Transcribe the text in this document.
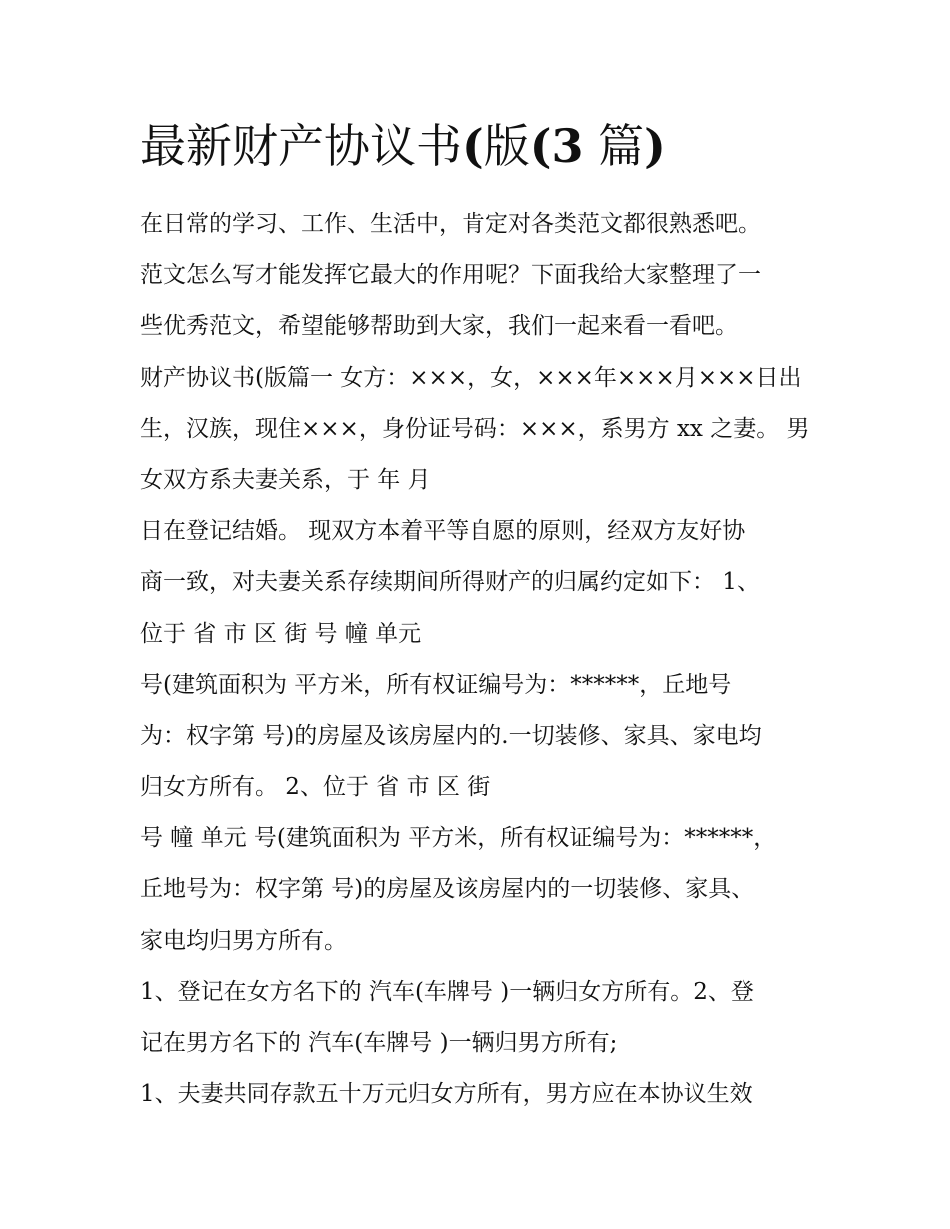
最新财产协议书(版(3 篇)
在日常的学习、工作、生活中，肯定对各类范文都很熟悉吧。
范文怎么写才能发挥它最大的作用呢？下面我给大家整理了一
些优秀范文，希望能够帮助到大家，我们一起来看一看吧。
财产协议书(版篇一 女方：×××，女，×××年×××月×××日出
生，汉族，现住×××，身份证号码：×××，系男方 xx 之妻。 男
女双方系夫妻关系，于 年 月
日在登记结婚。 现双方本着平等自愿的原则，经双方友好协
商一致，对夫妻关系存续期间所得财产的归属约定如下： 1、
位于 省 市 区 街 号 幢 单元
号(建筑面积为 平方米，所有权证编号为：******，丘地号
为：权字第 号)的房屋及该房屋内的.一切装修、家具、家电均
归女方所有。 2、位于 省 市 区 街
号 幢 单元 号(建筑面积为 平方米，所有权证编号为：******，
丘地号为：权字第 号)的房屋及该房屋内的一切装修、家具、
家电均归男方所有。
1、登记在女方名下的 汽车(车牌号 )一辆归女方所有。2、登
记在男方名下的 汽车(车牌号 )一辆归男方所有;
1、夫妻共同存款五十万元归女方所有，男方应在本协议生效
